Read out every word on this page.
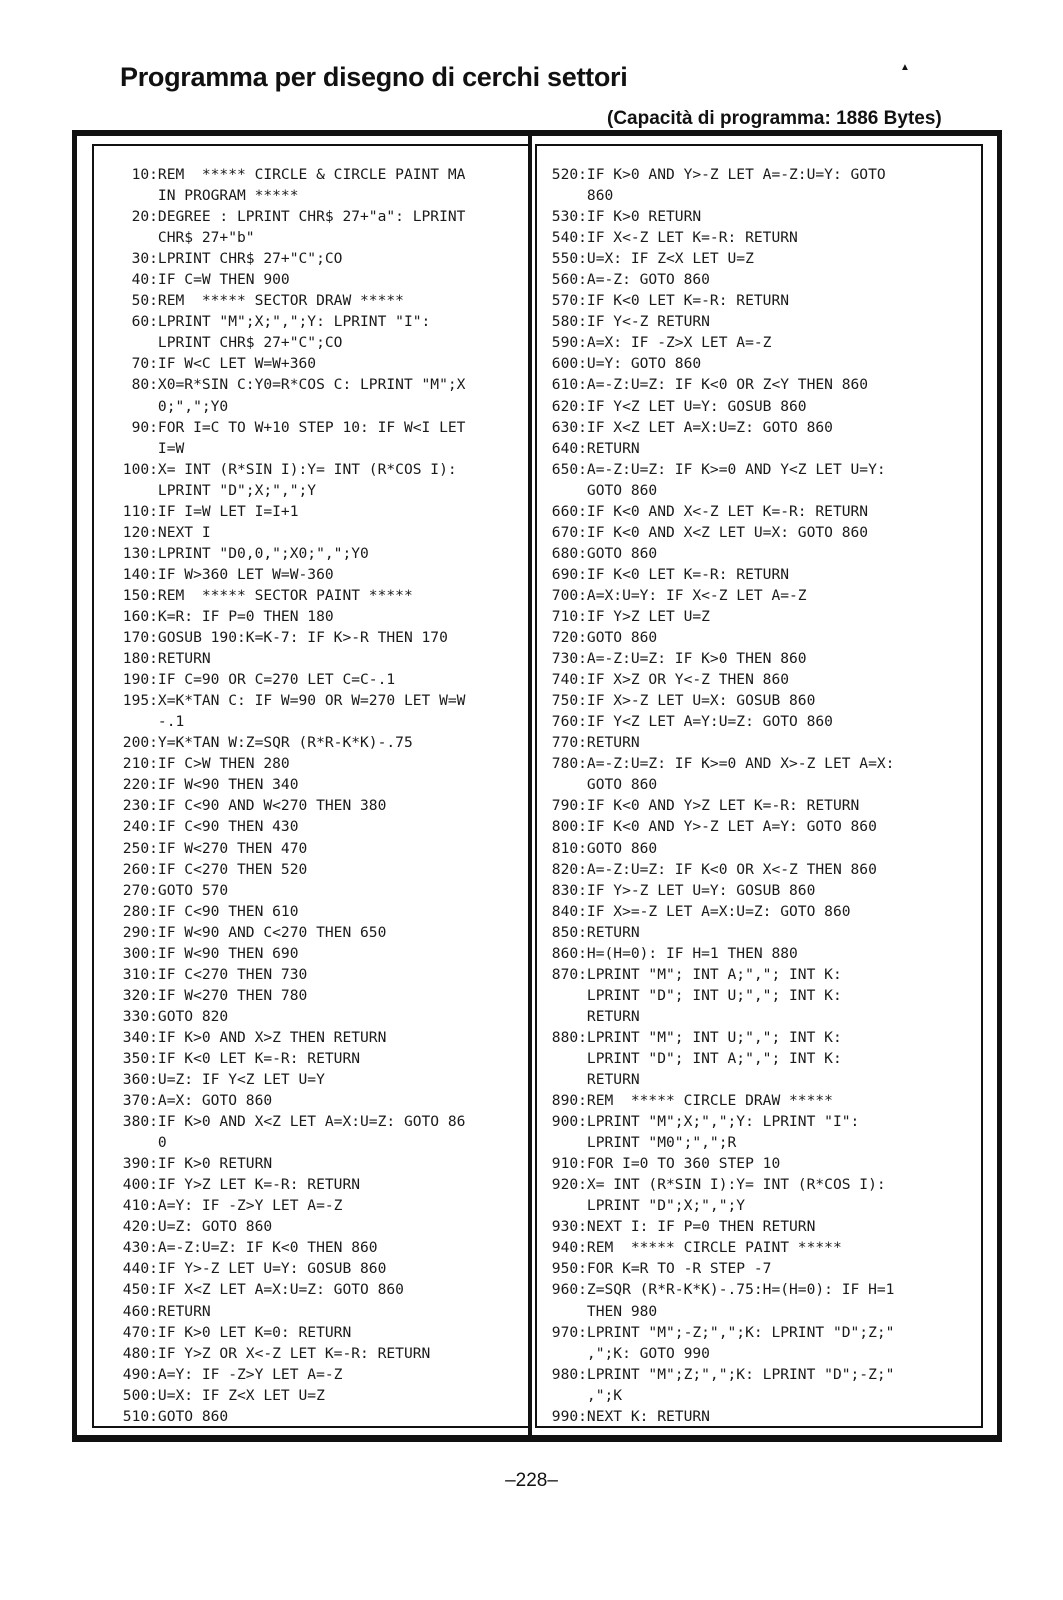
Programma per disegno di cerchi settori	▲
(Capacità di programma: 1886 Bytes)
10:REM  ***** CIRCLE & CIRCLE PAINT MA
IN PROGRAM *****
20:DEGREE : LPRINT CHR$ 27+"a": LPRINT
CHR$ 27+"b"
30:LPRINT CHR$ 27+"C";CO
40:IF C=W THEN 900
50:REM  ***** SECTOR DRAW *****
60:LPRINT "M";X;",";Y: LPRINT "I":
LPRINT CHR$ 27+"C";CO
70:IF W<C LET W=W+360
80:X0=R*SIN C:Y0=R*COS C: LPRINT "M";X
0;",";Y0
90:FOR I=C TO W+10 STEP 10: IF W<I LET
I=W
100:X= INT (R*SIN I):Y= INT (R*COS I):
LPRINT "D";X;",";Y
110:IF I=W LET I=I+1
120:NEXT I
130:LPRINT "D0,0,";X0;",";Y0
140:IF W>360 LET W=W-360
150:REM  ***** SECTOR PAINT *****
160:K=R: IF P=0 THEN 180
170:GOSUB 190:K=K-7: IF K>-R THEN 170
180:RETURN
190:IF C=90 OR C=270 LET C=C-.1
195:X=K*TAN C: IF W=90 OR W=270 LET W=W
-.1
200:Y=K*TAN W:Z=SQR (R*R-K*K)-.75
210:IF C>W THEN 280
220:IF W<90 THEN 340
230:IF C<90 AND W<270 THEN 380
240:IF C<90 THEN 430
250:IF W<270 THEN 470
260:IF C<270 THEN 520
270:GOTO 570
280:IF C<90 THEN 610
290:IF W<90 AND C<270 THEN 650
300:IF W<90 THEN 690
310:IF C<270 THEN 730
320:IF W<270 THEN 780
330:GOTO 820
340:IF K>0 AND X>Z THEN RETURN
350:IF K<0 LET K=-R: RETURN
360:U=Z: IF Y<Z LET U=Y
370:A=X: GOTO 860
380:IF K>0 AND X<Z LET A=X:U=Z: GOTO 86
0
390:IF K>0 RETURN
400:IF Y>Z LET K=-R: RETURN
410:A=Y: IF -Z>Y LET A=-Z
420:U=Z: GOTO 860
430:A=-Z:U=Z: IF K<0 THEN 860
440:IF Y>-Z LET U=Y: GOSUB 860
450:IF X<Z LET A=X:U=Z: GOTO 860
460:RETURN
470:IF K>0 LET K=0: RETURN
480:IF Y>Z OR X<-Z LET K=-R: RETURN
490:A=Y: IF -Z>Y LET A=-Z
500:U=X: IF Z<X LET U=Z
510:GOTO 860
520:IF K>0 AND Y>-Z LET A=-Z:U=Y: GOTO
860
530:IF K>0 RETURN
540:IF X<-Z LET K=-R: RETURN
550:U=X: IF Z<X LET U=Z
560:A=-Z: GOTO 860
570:IF K<0 LET K=-R: RETURN
580:IF Y<-Z RETURN
590:A=X: IF -Z>X LET A=-Z
600:U=Y: GOTO 860
610:A=-Z:U=Z: IF K<0 OR Z<Y THEN 860
620:IF Y<Z LET U=Y: GOSUB 860
630:IF X<Z LET A=X:U=Z: GOTO 860
640:RETURN
650:A=-Z:U=Z: IF K>=0 AND Y<Z LET U=Y:
GOTO 860
660:IF K<0 AND X<-Z LET K=-R: RETURN
670:IF K<0 AND X<Z LET U=X: GOTO 860
680:GOTO 860
690:IF K<0 LET K=-R: RETURN
700:A=X:U=Y: IF X<-Z LET A=-Z
710:IF Y>Z LET U=Z
720:GOTO 860
730:A=-Z:U=Z: IF K>0 THEN 860
740:IF X>Z OR Y<-Z THEN 860
750:IF X>-Z LET U=X: GOSUB 860
760:IF Y<Z LET A=Y:U=Z: GOTO 860
770:RETURN
780:A=-Z:U=Z: IF K>=0 AND X>-Z LET A=X:
GOTO 860
790:IF K<0 AND Y>Z LET K=-R: RETURN
800:IF K<0 AND Y>-Z LET A=Y: GOTO 860
810:GOTO 860
820:A=-Z:U=Z: IF K<0 OR X<-Z THEN 860
830:IF Y>-Z LET U=Y: GOSUB 860
840:IF X>=-Z LET A=X:U=Z: GOTO 860
850:RETURN
860:H=(H=0): IF H=1 THEN 880
870:LPRINT "M"; INT A;","; INT K:
LPRINT "D"; INT U;","; INT K:
RETURN
880:LPRINT "M"; INT U;","; INT K:
LPRINT "D"; INT A;","; INT K:
RETURN
890:REM  ***** CIRCLE DRAW *****
900:LPRINT "M";X;",";Y: LPRINT "I":
LPRINT "M0";",";R
910:FOR I=0 TO 360 STEP 10
920:X= INT (R*SIN I):Y= INT (R*COS I):
LPRINT "D";X;",";Y
930:NEXT I: IF P=0 THEN RETURN
940:REM  ***** CIRCLE PAINT *****
950:FOR K=R TO -R STEP -7
960:Z=SQR (R*R-K*K)-.75:H=(H=0): IF H=1
THEN 980
970:LPRINT "M";-Z;",";K: LPRINT "D";Z;"
,";K: GOTO 990
980:LPRINT "M";Z;",";K: LPRINT "D";-Z;"
,";K
990:NEXT K: RETURN
–228–
